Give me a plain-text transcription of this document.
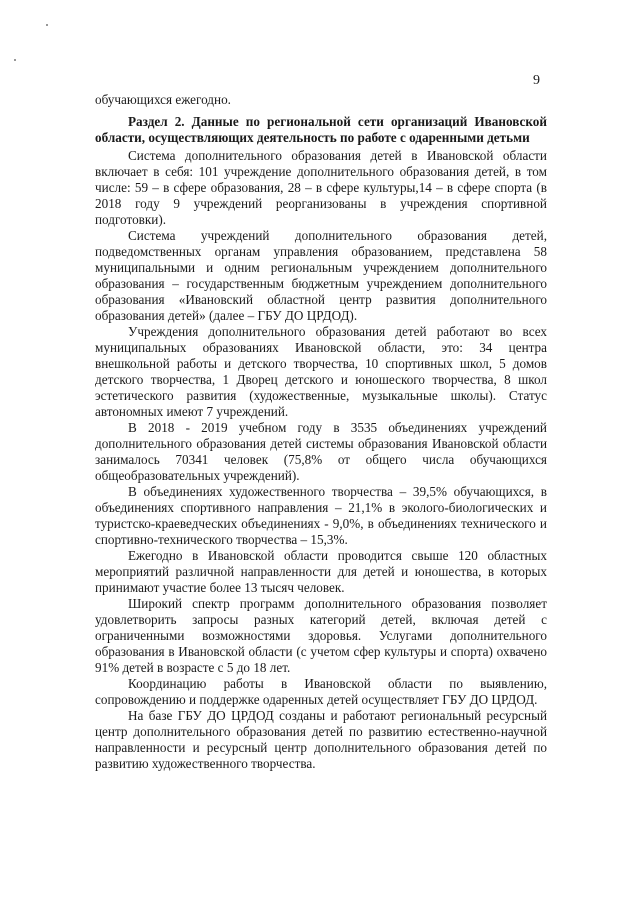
9

обучающихся ежегодно.

Раздел 2. Данные по региональной сети организаций Ивановской области, осуществляющих деятельность по работе с одаренными детьми

Система дополнительного образования детей в Ивановской области включает в себя: 101 учреждение дополнительного образования детей, в том числе: 59 – в сфере образования, 28 – в сфере культуры,14 – в сфере спорта (в 2018 году 9 учреждений реорганизованы в учреждения спортивной подготовки).

Система учреждений дополнительного образования детей, подведомственных органам управления образованием, представлена 58 муниципальными и одним региональным учреждением дополнительного образования – государственным бюджетным учреждением дополнительного образования «Ивановский областной центр развития дополнительного образования детей» (далее – ГБУ ДО ЦРДОД).

Учреждения дополнительного образования детей работают во всех муниципальных образованиях Ивановской области, это: 34 центра внешкольной работы и детского творчества, 10 спортивных школ, 5 домов детского творчества, 1 Дворец детского и юношеского творчества, 8 школ эстетического развития (художественные, музыкальные школы). Статус автономных имеют 7 учреждений.

В 2018 - 2019 учебном году в 3535 объединениях учреждений дополнительного образования детей системы образования Ивановской области занималось 70341 человек (75,8% от общего числа обучающихся общеобразовательных учреждений).

В объединениях художественного творчества – 39,5% обучающихся, в объединениях спортивного направления – 21,1% в эколого-биологических и туристско-краеведческих объединениях - 9,0%, в объединениях технического и спортивно-технического творчества – 15,3%.

Ежегодно в Ивановской области проводится свыше 120 областных мероприятий различной направленности для детей и юношества, в которых принимают участие более 13 тысяч человек.

Широкий спектр программ дополнительного образования позволяет удовлетворить запросы разных категорий детей, включая детей с ограниченными возможностями здоровья. Услугами дополнительного образования в Ивановской области (с учетом сфер культуры и спорта) охвачено 91% детей в возрасте с 5 до 18 лет.

Координацию работы в Ивановской области по выявлению, сопровождению и поддержке одаренных детей осуществляет ГБУ ДО ЦРДОД.

На базе ГБУ ДО ЦРДОД созданы и работают региональный ресурсный центр дополнительного образования детей по развитию естественно-научной направленности и ресурсный центр дополнительного образования детей по развитию художественного творчества.
